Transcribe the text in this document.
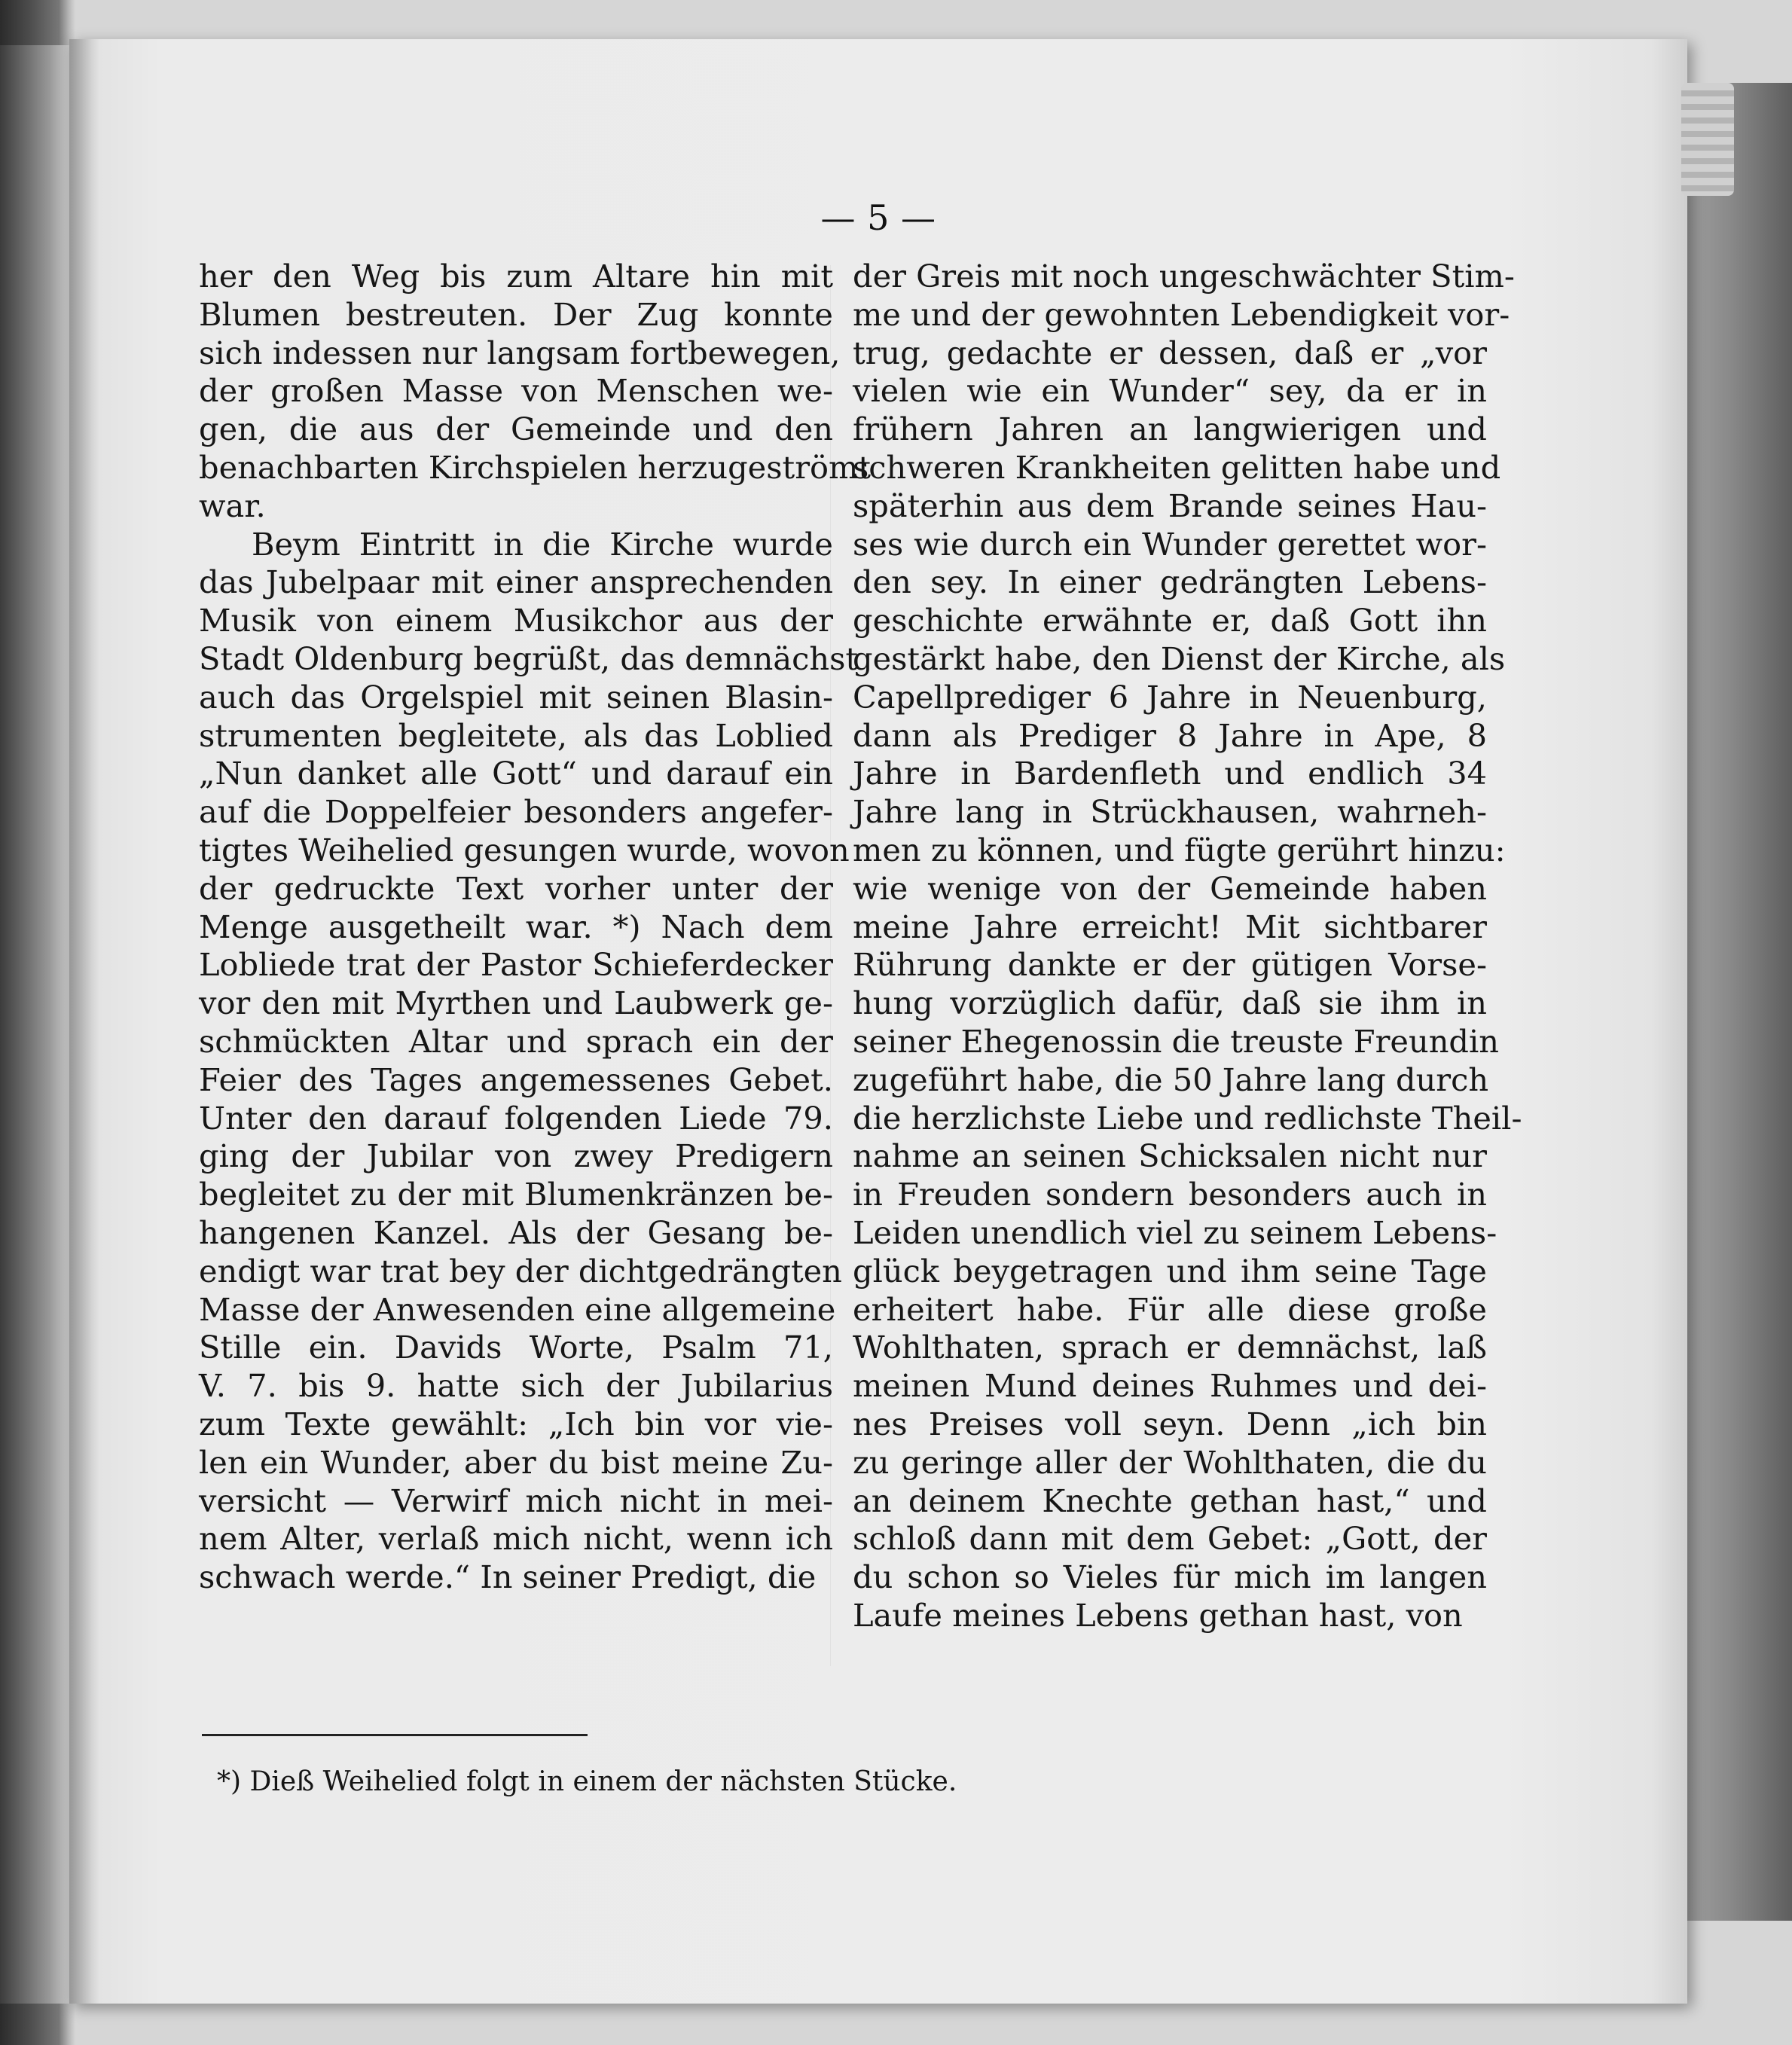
— 5 —
her den Weg bis zum Altare hin mit
Blumen bestreuten. Der Zug konnte
sich indessen nur langsam fortbewegen,
der großen Masse von Menschen we-
gen, die aus der Gemeinde und den
benachbarten Kirchspielen herzugeströmt
war.
Beym Eintritt in die Kirche wurde
das Jubelpaar mit einer ansprechenden
Musik von einem Musikchor aus der
Stadt Oldenburg begrüßt, das demnächst
auch das Orgelspiel mit seinen Blasin-
strumenten begleitete, als das Loblied
„Nun danket alle Gott“ und darauf ein
auf die Doppelfeier besonders angefer-
tigtes Weihelied gesungen wurde, wovon
der gedruckte Text vorher unter der
Menge ausgetheilt war. *) Nach dem
Lobliede trat der Pastor Schieferdecker
vor den mit Myrthen und Laubwerk ge-
schmückten Altar und sprach ein der
Feier des Tages angemessenes Gebet.
Unter den darauf folgenden Liede 79.
ging der Jubilar von zwey Predigern
begleitet zu der mit Blumenkränzen be-
hangenen Kanzel. Als der Gesang be-
endigt war trat bey der dichtgedrängten
Masse der Anwesenden eine allgemeine
Stille ein. Davids Worte, Psalm 71,
V. 7. bis 9. hatte sich der Jubilarius
zum Texte gewählt: „Ich bin vor vie-
len ein Wunder, aber du bist meine Zu-
versicht — Verwirf mich nicht in mei-
nem Alter, verlaß mich nicht, wenn ich
schwach werde.“ In seiner Predigt, die
der Greis mit noch ungeschwächter Stim-
me und der gewohnten Lebendigkeit vor-
trug, gedachte er dessen, daß er „vor
vielen wie ein Wunder“ sey, da er in
frühern Jahren an langwierigen und
schweren Krankheiten gelitten habe und
späterhin aus dem Brande seines Hau-
ses wie durch ein Wunder gerettet wor-
den sey. In einer gedrängten Lebens-
geschichte erwähnte er, daß Gott ihn
gestärkt habe, den Dienst der Kirche, als
Capellprediger 6 Jahre in Neuenburg,
dann als Prediger 8 Jahre in Ape, 8
Jahre in Bardenfleth und endlich 34
Jahre lang in Strückhausen, wahrneh-
men zu können, und fügte gerührt hinzu:
wie wenige von der Gemeinde haben
meine Jahre erreicht! Mit sichtbarer
Rührung dankte er der gütigen Vorse-
hung vorzüglich dafür, daß sie ihm in
seiner Ehegenossin die treuste Freundin
zugeführt habe, die 50 Jahre lang durch
die herzlichste Liebe und redlichste Theil-
nahme an seinen Schicksalen nicht nur
in Freuden sondern besonders auch in
Leiden unendlich viel zu seinem Lebens-
glück beygetragen und ihm seine Tage
erheitert habe. Für alle diese große
Wohlthaten, sprach er demnächst, laß
meinen Mund deines Ruhmes und dei-
nes Preises voll seyn. Denn „ich bin
zu geringe aller der Wohlthaten, die du
an deinem Knechte gethan hast,“ und
schloß dann mit dem Gebet: „Gott, der
du schon so Vieles für mich im langen
Laufe meines Lebens gethan hast, von
*) Dieß Weihelied folgt in einem der nächsten Stücke.
